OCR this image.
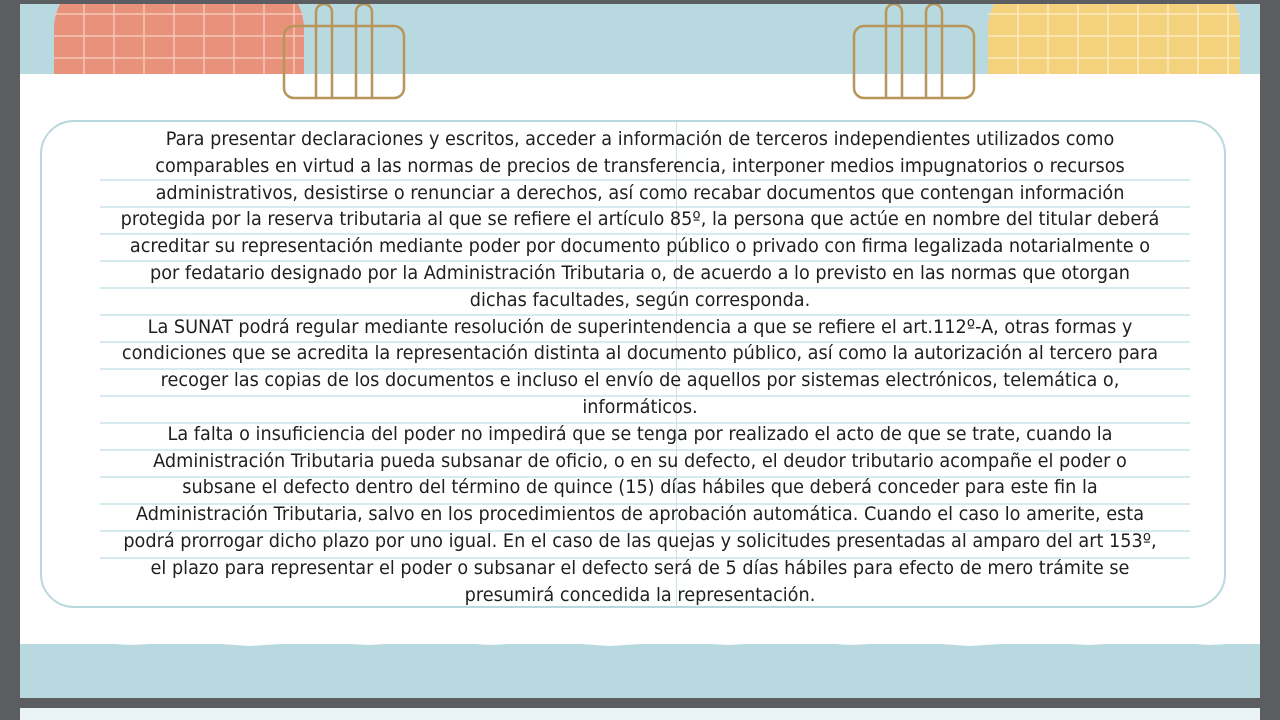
Para presentar declaraciones y escritos, acceder a información de terceros independientes utilizados como comparables en virtud a las normas de precios de transferencia, interponer medios impugnatorios o recursos administrativos, desistirse o renunciar a derechos, así como recabar documentos que contengan información protegida por la reserva tributaria al que se refiere el artículo 85º, la persona que actúe en nombre del titular deberá acreditar su representación mediante poder por documento público o privado con firma legalizada notarialmente o por fedatario designado por la Administración Tributaria o, de acuerdo a lo previsto en las normas que otorgan dichas facultades, según corresponda.

La SUNAT podrá regular mediante resolución de superintendencia a que se refiere el art.112º-A, otras formas y condiciones que se acredita la representación distinta al documento público, así como la autorización al tercero para recoger las copias de los documentos e incluso el envío de aquellos por sistemas electrónicos, telemática o, informáticos.

La falta o insuficiencia del poder no impedirá que se tenga por realizado el acto de que se trate, cuando la Administración Tributaria pueda subsanar de oficio, o en su defecto, el deudor tributario acompañe el poder o subsane el defecto dentro del término de quince (15) días hábiles que deberá conceder para este fin la Administración Tributaria, salvo en los procedimientos de aprobación automática. Cuando el caso lo amerite, esta podrá prorrogar dicho plazo por uno igual. En el caso de las quejas y solicitudes presentadas al amparo del art 153º, el plazo para representar el poder o subsanar el defecto será de 5 días hábiles para efecto de mero trámite se presumirá concedida la representación.
